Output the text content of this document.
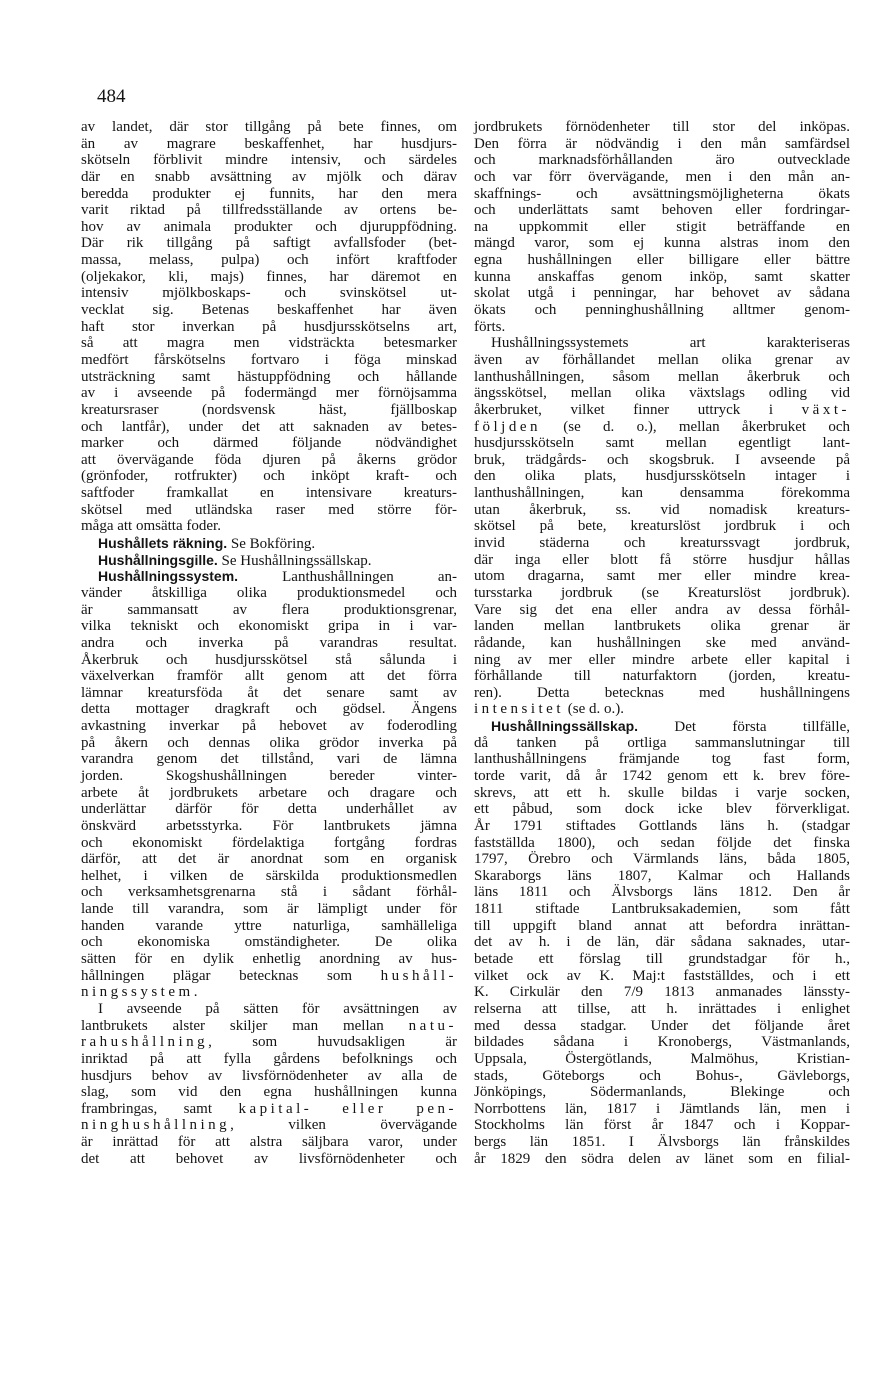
484
av landet, där stor tillgång på bete finnes, om
än av magrare beskaffenhet, har husdjurs-
skötseln förblivit mindre intensiv, och särdeles
där en snabb avsättning av mjölk och därav
beredda produkter ej funnits, har den mera
varit riktad på tillfredsställande av ortens be-
hov av animala produkter och djuruppfödning.
Där rik tillgång på saftigt avfallsfoder (bet-
massa, melass, pulpa) och infört kraftfoder
(oljekakor, kli, majs) finnes, har däremot en
intensiv mjölkboskaps- och svinskötsel ut-
vecklat sig. Betenas beskaffenhet har även
haft stor inverkan på husdjursskötselns art,
så att magra men vidsträckta betesmarker
medfört fårskötselns fortvaro i föga minskad
utsträckning samt hästuppfödning och hållande
av i avseende på fodermängd mer förnöjsamma
kreatursraser (nordsvensk häst, fjällboskap
och lantfår), under det att saknaden av betes-
marker och därmed följande nödvändighet
att övervägande föda djuren på åkerns grödor
(grönfoder, rotfrukter) och inköpt kraft- och
saftfoder framkallat en intensivare kreaturs-
skötsel med utländska raser med större för-
måga att omsätta foder.
Hushållets räkning. Se Bokföring.
Hushållningsgille. Se Hushållningssällskap.
Hushållningssystem. Lanthushållningen an-
vänder åtskilliga olika produktionsmedel och
är sammansatt av flera produktionsgrenar,
vilka tekniskt och ekonomiskt gripa in i var-
andra och inverka på varandras resultat.
Åkerbruk och husdjursskötsel stå sålunda i
växelverkan framför allt genom att det förra
lämnar kreatursföda åt det senare samt av
detta mottager dragkraft och gödsel. Ängens
avkastning inverkar på hebovet av foderodling
på åkern och dennas olika grödor inverka på
varandra genom det tillstånd, vari de lämna
jorden. Skogshushållningen bereder vinter-
arbete åt jordbrukets arbetare och dragare och
underlättar därför för detta underhållet av
önskvärd arbetsstyrka. För lantbrukets jämna
och ekonomiskt fördelaktiga fortgång fordras
därför, att det är anordnat som en organisk
helhet, i vilken de särskilda produktionsmedlen
och verksamhetsgrenarna stå i sådant förhål-
lande till varandra, som är lämpligt under för
handen varande yttre naturliga, samhälleliga
och ekonomiska omständigheter. De olika
sätten för en dylik enhetlig anordning av hus-
hållningen plägar betecknas som hushåll-
ningssystem.
I avseende på sätten för avsättningen av
lantbrukets alster skiljer man mellan natu-
rahushållning, som huvudsakligen är
inriktad på att fylla gårdens befolknings och
husdjurs behov av livsförnödenheter av alla de
slag, som vid den egna hushållningen kunna
frambringas, samt kapital- eller pen-
ninghushållning, vilken övervägande
är inrättad för att alstra säljbara varor, under
det att behovet av livsförnödenheter och
jordbrukets förnödenheter till stor del inköpas.
Den förra är nödvändig i den mån samfärdsel
och marknadsförhållanden äro outvecklade
och var förr övervägande, men i den mån an-
skaffnings- och avsättningsmöjligheterna ökats
och underlättats samt behoven eller fordringar-
na uppkommit eller stigit beträffande en
mängd varor, som ej kunna alstras inom den
egna hushållningen eller billigare eller bättre
kunna anskaffas genom inköp, samt skatter
skolat utgå i penningar, har behovet av sådana
ökats och penninghushållning alltmer genom-
förts.
Hushållningssystemets art karakteriseras
även av förhållandet mellan olika grenar av
lanthushållningen, såsom mellan åkerbruk och
ängsskötsel, mellan olika växtslags odling vid
åkerbruket, vilket finner uttryck i växt-
följden (se d. o.), mellan åkerbruket och
husdjursskötseln samt mellan egentligt lant-
bruk, trädgårds- och skogsbruk. I avseende på
den olika plats, husdjursskötseln intager i
lanthushållningen, kan densamma förekomma
utan åkerbruk, ss. vid nomadisk kreaturs-
skötsel på bete, kreaturslöst jordbruk i och
invid städerna och kreaturssvagt jordbruk,
där inga eller blott få större husdjur hållas
utom dragarna, samt mer eller mindre krea-
tursstarka jordbruk (se Kreaturslöst jordbruk).
Vare sig det ena eller andra av dessa förhål-
landen mellan lantbrukets olika grenar är
rådande, kan hushållningen ske med använd-
ning av mer eller mindre arbete eller kapital i
förhållande till naturfaktorn (jorden, kreatu-
ren). Detta betecknas med hushållningens
intensitet (se d. o.).
Hushållningssällskap. Det första tillfälle,
då tanken på ortliga sammanslutningar till
lanthushållningens främjande tog fast form,
torde varit, då år 1742 genom ett k. brev före-
skrevs, att ett h. skulle bildas i varje socken,
ett påbud, som dock icke blev förverkligat.
År 1791 stiftades Gottlands läns h. (stadgar
fastställda 1800), och sedan följde det finska
1797, Örebro och Värmlands läns, båda 1805,
Skaraborgs läns 1807, Kalmar och Hallands
läns 1811 och Älvsborgs läns 1812. Den år
1811 stiftade Lantbruksakademien, som fått
till uppgift bland annat att befordra inrättan-
det av h. i de län, där sådana saknades, utar-
betade ett förslag till grundstadgar för h.,
vilket ock av K. Maj:t fastställdes, och i ett
K. Cirkulär den 7/9 1813 anmanades länssty-
relserna att tillse, att h. inrättades i enlighet
med dessa stadgar. Under det följande året
bildades sådana i Kronobergs, Västmanlands,
Uppsala, Östergötlands, Malmöhus, Kristian-
stads, Göteborgs och Bohus-, Gävleborgs,
Jönköpings, Södermanlands, Blekinge och
Norrbottens län, 1817 i Jämtlands län, men i
Stockholms län först år 1847 och i Koppar-
bergs län 1851. I Älvsborgs län frånskildes
år 1829 den södra delen av länet som en filial-
